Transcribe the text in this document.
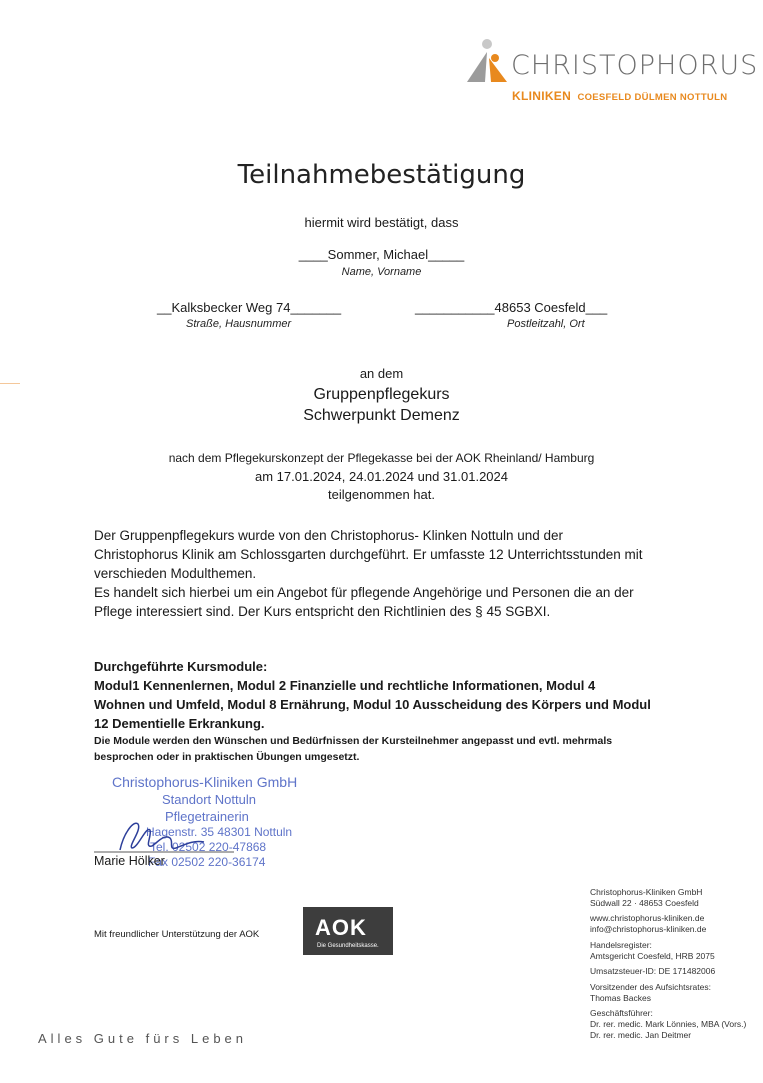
CHRISTOPHORUS
KLINIKEN COESFELD DÜLMEN NOTTULN
Teilnahmebestätigung
hiermit wird bestätigt, dass
____Sommer, Michael_____
Name, Vorname
__Kalksbecker Weg 74_______
Straße, Hausnummer
___________48653 Coesfeld___
Postleitzahl, Ort
an dem
Gruppenpflegekurs
Schwerpunkt Demenz
nach dem Pflegekurskonzept der Pflegekasse bei der AOK Rheinland/ Hamburg
am 17.01.2024, 24.01.2024 und 31.01.2024
teilgenommen hat.
Der Gruppenpflegekurs wurde von den Christophorus- Klinken Nottuln und der
Christophorus Klinik am Schlossgarten durchgeführt. Er umfasste 12 Unterrichtsstunden mit
verschieden Modulthemen.
Es handelt sich hierbei um ein Angebot für pflegende Angehörige und Personen die an der
Pflege interessiert sind. Der Kurs entspricht den Richtlinien des § 45 SGBXI.
Durchgeführte Kursmodule:
Modul1 Kennenlernen, Modul 2 Finanzielle und rechtliche Informationen, Modul 4
Wohnen und Umfeld, Modul 8 Ernährung, Modul 10 Ausscheidung des Körpers und Modul
12 Dementielle Erkrankung.
Die Module werden den Wünschen und Bedürfnissen der Kursteilnehmer angepasst und evtl. mehrmals
besprochen oder in praktischen Übungen umgesetzt.
Christophorus-Kliniken GmbH
Standort Nottuln
Pflegetrainerin
Hagenstr. 35 48301 Nottuln
Tel. 02502 220-47868
Fax 02502 220-36174
Marie Hölker
Mit freundlicher Unterstützung der AOK	AOK
Die Gesundheitskasse.
Christophorus-Kliniken GmbH
Südwall 22 · 48653 Coesfeld
www.christophorus-kliniken.de
info@christophorus-kliniken.de
Handelsregister:
Amtsgericht Coesfeld, HRB 2075
Umsatzsteuer-ID: DE 171482006
Vorsitzender des Aufsichtsrates:
Thomas Backes
Geschäftsführer:
Dr. rer. medic. Mark Lönnies, MBA (Vors.)
Dr. rer. medic. Jan Deitmer
Alles Gute fürs Leben
